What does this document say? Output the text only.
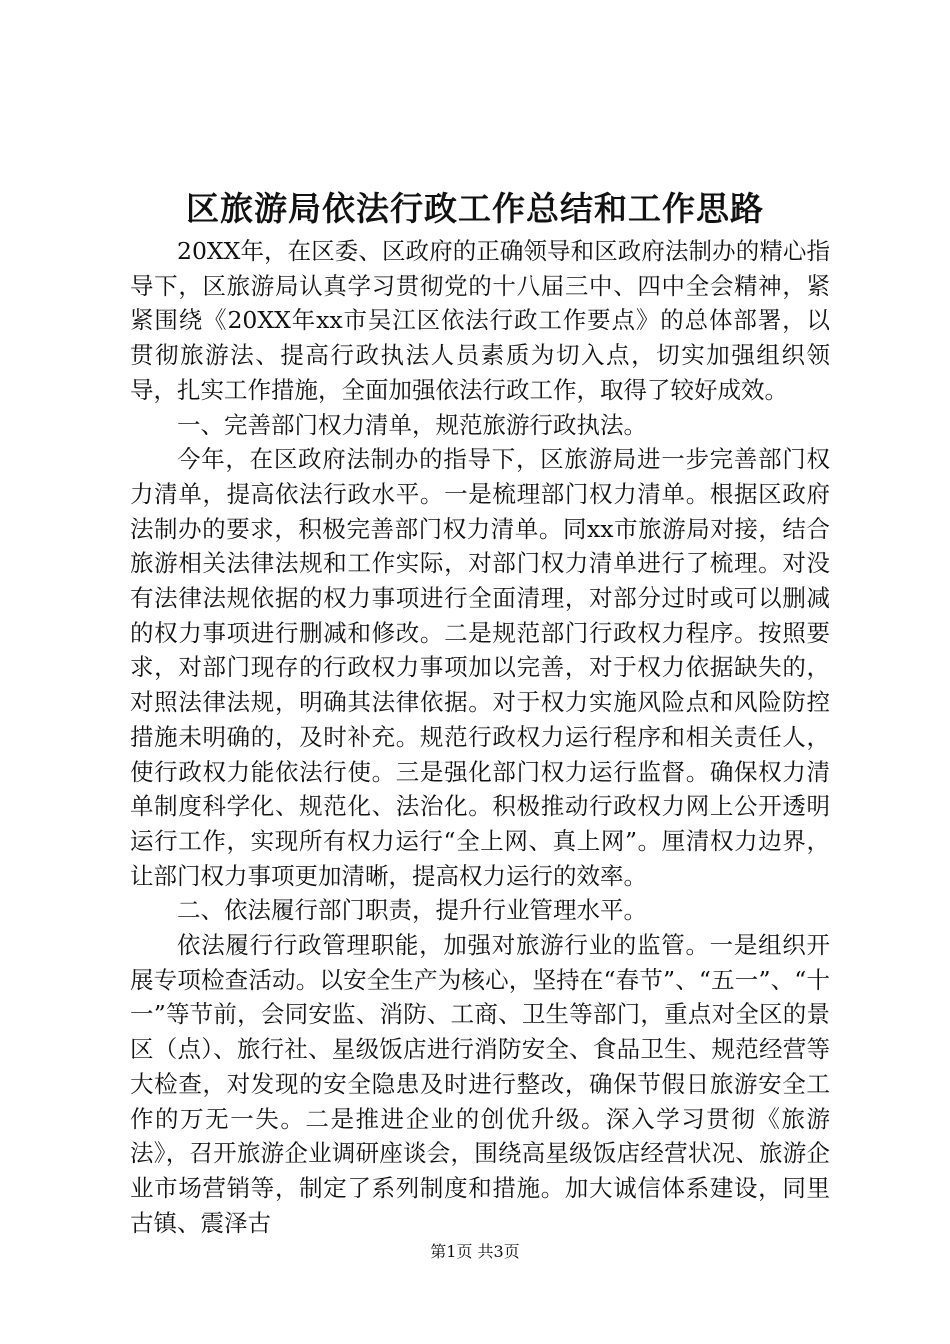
区旅游局依法行政工作总结和工作思路

20XX年，在区委、区政府的正确领导和区政府法制办的精心指导下，区旅游局认真学习贯彻党的十八届三中、四中全会精神，紧紧围绕《20XX年xx市吴江区依法行政工作要点》的总体部署，以贯彻旅游法、提高行政执法人员素质为切入点，切实加强组织领导，扎实工作措施，全面加强依法行政工作，取得了较好成效。

一、完善部门权力清单，规范旅游行政执法。

今年，在区政府法制办的指导下，区旅游局进一步完善部门权力清单，提高依法行政水平。一是梳理部门权力清单。根据区政府法制办的要求，积极完善部门权力清单。同xx市旅游局对接，结合旅游相关法律法规和工作实际，对部门权力清单进行了梳理。对没有法律法规依据的权力事项进行全面清理，对部分过时或可以删减的权力事项进行删减和修改。二是规范部门行政权力程序。按照要求，对部门现存的行政权力事项加以完善，对于权力依据缺失的，对照法律法规，明确其法律依据。对于权力实施风险点和风险防控措施未明确的，及时补充。规范行政权力运行程序和相关责任人，使行政权力能依法行使。三是强化部门权力运行监督。确保权力清单制度科学化、规范化、法治化。积极推动行政权力网上公开透明运行工作，实现所有权力运行“全上网、真上网”。厘清权力边界，让部门权力事项更加清晰，提高权力运行的效率。

二、依法履行部门职责，提升行业管理水平。

依法履行行政管理职能，加强对旅游行业的监管。一是组织开展专项检查活动。以安全生产为核心，坚持在“春节”、“五一”、“十一”等节前，会同安监、消防、工商、卫生等部门，重点对全区的景区（点）、旅行社、星级饭店进行消防安全、食品卫生、规范经营等大检查，对发现的安全隐患及时进行整改，确保节假日旅游安全工作的万无一失。二是推进企业的创优升级。深入学习贯彻《旅游法》，召开旅游企业调研座谈会，围绕高星级饭店经营状况、旅游企业市场营销等，制定了系列制度和措施。加大诚信体系建设，同里古镇、震泽古

第1页 共3页
